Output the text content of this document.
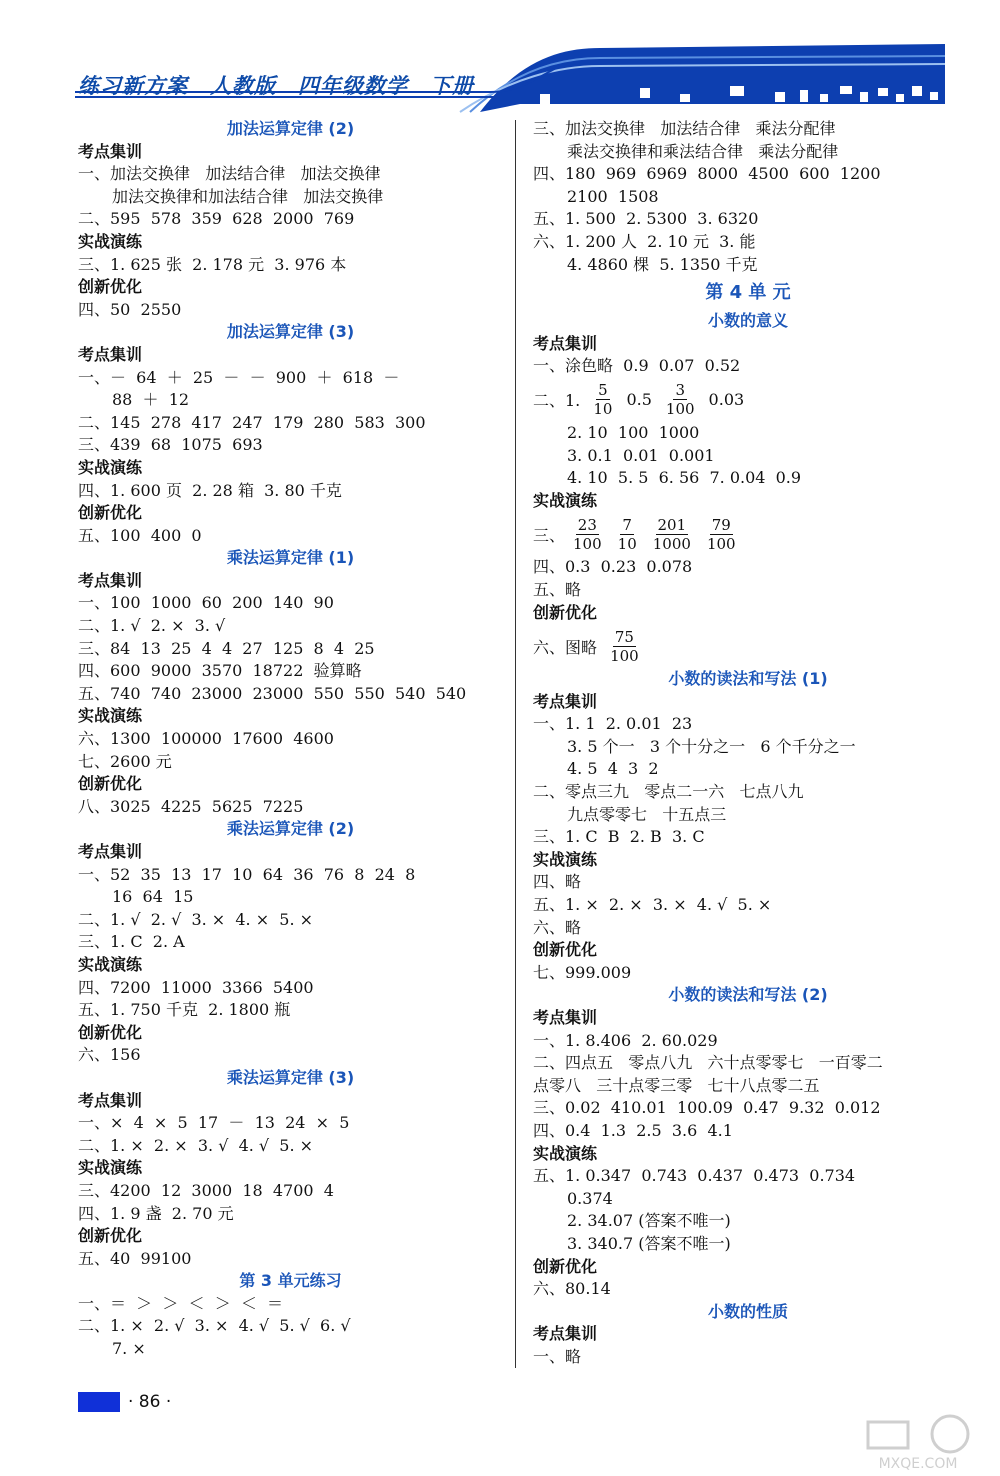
练习新方案 人教版 四年级数学 下册
加法运算定律 (2)
考点集训
一、加法交换律   加法结合律   加法交换律
加法交换律和加法结合律   加法交换律
二、595  578  359  628  2000  769
实战演练
三、1. 625 张  2. 178 元  3. 976 本
创新优化
四、50  2550
加法运算定律 (3)
考点集训
一、－  64  ＋  25  －  －  900  ＋  618  －
88  ＋  12
二、145  278  417  247  179  280  583  300
三、439  68  1075  693
实战演练
四、1. 600 页  2. 28 箱  3. 80 千克
创新优化
五、100  400  0
乘法运算定律 (1)
考点集训
一、100  1000  60  200  140  90
二、1. √  2. ×  3. √
三、84  13  25  4  4  27  125  8  4  25
四、600  9000  3570  18722  验算略
五、740  740  23000  23000  550  550  540  540
实战演练
六、1300  100000  17600  4600
七、2600 元
创新优化
八、3025  4225  5625  7225
乘法运算定律 (2)
考点集训
一、52  35  13  17  10  64  36  76  8  24  8
16  64  15
二、1. √  2. √  3. ×  4. ×  5. ×
三、1. C  2. A
实战演练
四、7200  11000  3366  5400
五、1. 750 千克  2. 1800 瓶
创新优化
六、156
乘法运算定律 (3)
考点集训
一、×  4  ×  5  17  －  13  24  ×  5
二、1. ×  2. ×  3. √  4. √  5. ×
实战演练
三、4200  12  3000  18  4700  4
四、1. 9 盏  2. 70 元
创新优化
五、40  99100
第 3 单元练习
一、＝  ＞  ＞  ＜  ＞  ＜  ＝
二、1. ×  2. √  3. ×  4. √  5. √  6. √
7. ×
三、加法交换律   加法结合律   乘法分配律
乘法交换律和乘法结合律   乘法分配律
四、180  969  6969  8000  4500  600  1200
2100  1508
五、1. 500  2. 5300  3. 6320
六、1. 200 人  2. 10 元  3. 能
4. 4860 棵  5. 1350 千克
第 4 单 元
小数的意义
考点集训
一、涂色略  0.9  0.07  0.52
二、1. $\frac{5}{10} 0.5 \frac{3}{100} 0.03$
2. 10  100  1000
3. 0.1  0.01  0.001
4. 10  5. 5  6. 56  7. 0.04  0.9
实战演练
三、 $\frac{23}{100} \frac{7}{10} \frac{201}{1000} \frac{79}{100}$
四、0.3  0.23  0.078
五、略
创新优化
六、图略 $\frac{75}{100}$
小数的读法和写法 (1)
考点集训
一、1. 1  2. 0.01  23
3. 5 个一   3 个十分之一   6 个千分之一
4. 5  4  3  2
二、零点三九   零点二一六   七点八九
九点零零七   十五点三
三、1. C  B  2. B  3. C
实战演练
四、略
五、1. ×  2. ×  3. ×  4. √  5. ×
六、略
创新优化
七、999.009
小数的读法和写法 (2)
考点集训
一、1. 8.406  2. 60.029
二、四点五   零点八九   六十点零零七   一百零二
点零八   三十点零三零   七十八点零二五
三、0.02  410.01  100.09  0.47  9.32  0.012
四、0.4  1.3  2.5  3.6  4.1
实战演练
五、1. 0.347  0.743  0.437  0.473  0.734
0.374
2. 34.07 (答案不唯一)
3. 340.7 (答案不唯一)
创新优化
六、80.14
小数的性质
考点集训
一、略
· 86 ·
MXQE.COM
